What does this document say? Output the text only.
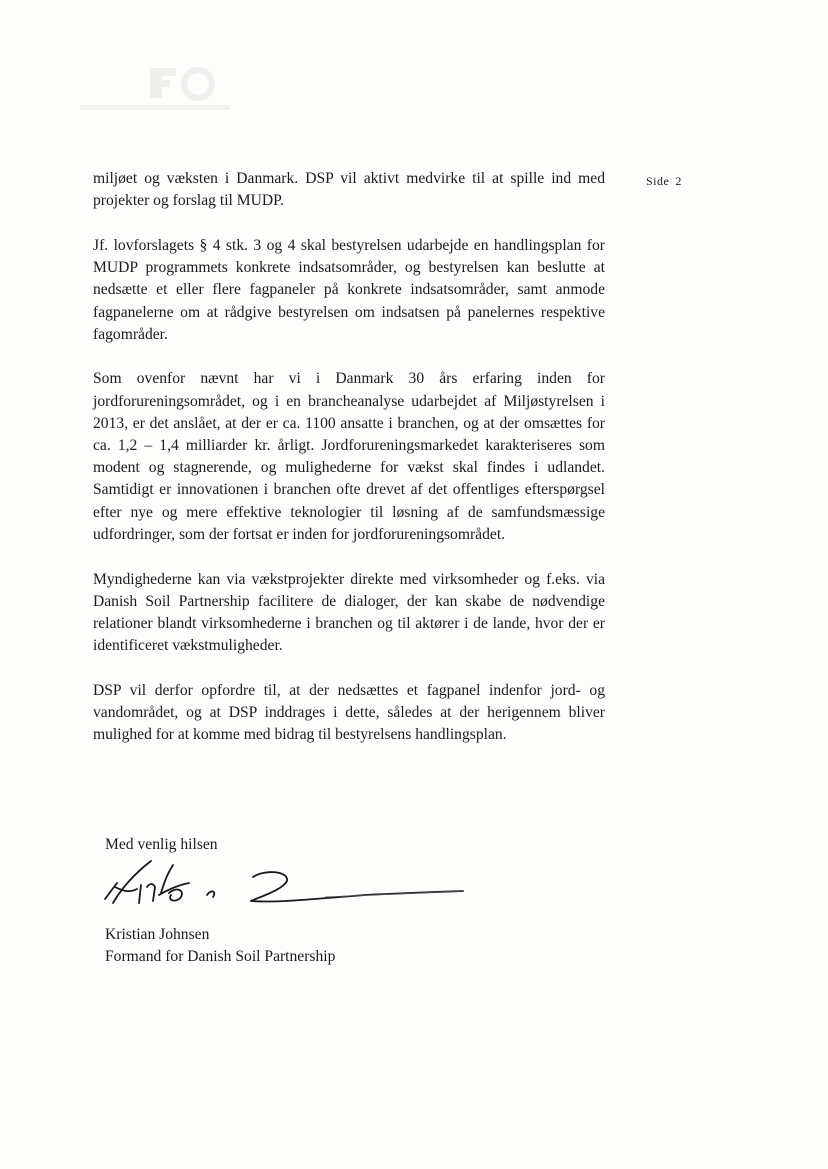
Side 2

miljøet og væksten i Danmark. DSP vil aktivt medvirke til at spille ind med projekter og forslag til MUDP.

Jf. lovforslagets § 4 stk. 3 og 4 skal bestyrelsen udarbejde en handlingsplan for MUDP programmets konkrete indsatsområder, og bestyrelsen kan beslutte at nedsætte et eller flere fagpaneler på konkrete indsatsområder, samt anmode fagpanelerne om at rådgive bestyrelsen om indsatsen på panelernes respektive fagområder.

Som ovenfor nævnt har vi i Danmark 30 års erfaring inden for jordforureningsområdet, og i en brancheanalyse udarbejdet af Miljøstyrelsen i 2013, er det anslået, at der er ca. 1100 ansatte i branchen, og at der omsættes for ca. 1,2 – 1,4 milliarder kr. årligt. Jordforureningsmarkedet karakteriseres som modent og stagnerende, og mulighederne for vækst skal findes i udlandet. Samtidigt er innovationen i branchen ofte drevet af det offentliges efterspørgsel efter nye og mere effektive teknologier til løsning af de samfundsmæssige udfordringer, som der fortsat er inden for jordforureningsområdet.

Myndighederne kan via vækstprojekter direkte med virksomheder og f.eks. via Danish Soil Partnership facilitere de dialoger, der kan skabe de nødvendige relationer blandt virksomhederne i branchen og til aktører i de lande, hvor der er identificeret vækstmuligheder.

DSP vil derfor opfordre til, at der nedsættes et fagpanel indenfor jord- og vandområdet, og at DSP inddrages i dette, således at der herigennem bliver mulighed for at komme med bidrag til bestyrelsens handlingsplan.

Med venlig hilsen
Kristian Johnsen
Formand for Danish Soil Partnership
